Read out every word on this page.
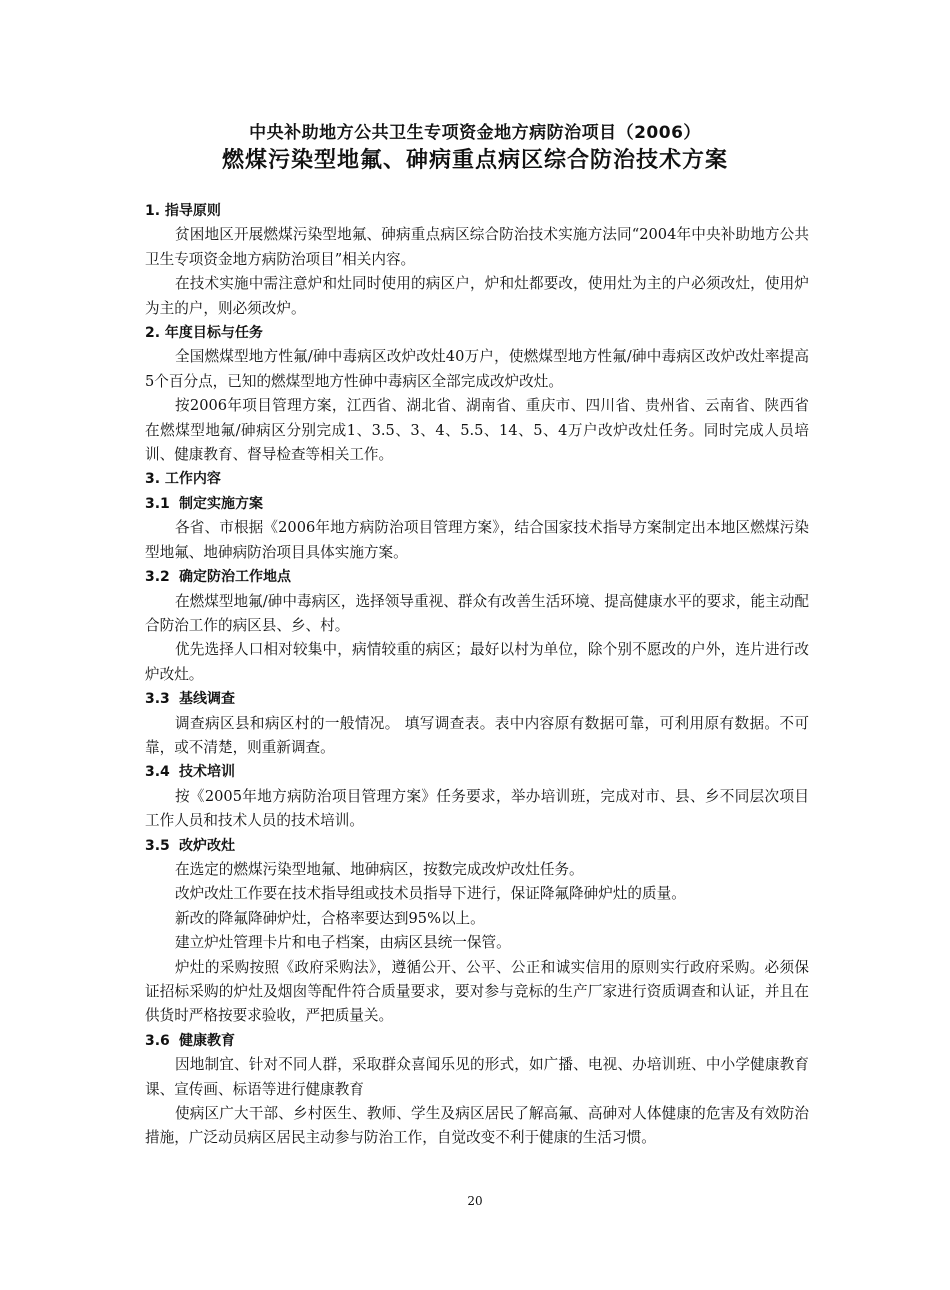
中央补助地方公共卫生专项资金地方病防治项目（2006）
燃煤污染型地氟、砷病重点病区综合防治技术方案
1. 指导原则

贫困地区开展燃煤污染型地氟、砷病重点病区综合防治技术实施方法同“2004年中央补助地方公共卫生专项资金地方病防治项目”相关内容。

在技术实施中需注意炉和灶同时使用的病区户，炉和灶都要改，使用灶为主的户必须改灶，使用炉为主的户，则必须改炉。

2. 年度目标与任务

全国燃煤型地方性氟/砷中毒病区改炉改灶40万户，使燃煤型地方性氟/砷中毒病区改炉改灶率提高5个百分点，已知的燃煤型地方性砷中毒病区全部完成改炉改灶。

按2006年项目管理方案，江西省、湖北省、湖南省、重庆市、四川省、贵州省、云南省、陕西省在燃煤型地氟/砷病区分别完成1、3.5、3、4、5.5、14、5、4万户改炉改灶任务。同时完成人员培训、健康教育、督导检查等相关工作。

3. 工作内容
3.1 制定实施方案

各省、市根据《2006年地方病防治项目管理方案》，结合国家技术指导方案制定出本地区燃煤污染型地氟、地砷病防治项目具体实施方案。

3.2 确定防治工作地点

在燃煤型地氟/砷中毒病区，选择领导重视、群众有改善生活环境、提高健康水平的要求，能主动配合防治工作的病区县、乡、村。

优先选择人口相对较集中，病情较重的病区；最好以村为单位，除个别不愿改的户外，连片进行改炉改灶。

3.3 基线调查

调查病区县和病区村的一般情况。 填写调查表。表中内容原有数据可靠，可利用原有数据。不可靠，或不清楚，则重新调查。

3.4 技术培训

按《2005年地方病防治项目管理方案》任务要求，举办培训班，完成对市、县、乡不同层次项目工作人员和技术人员的技术培训。

3.5 改炉改灶

在选定的燃煤污染型地氟、地砷病区，按数完成改炉改灶任务。

改炉改灶工作要在技术指导组或技术员指导下进行，保证降氟降砷炉灶的质量。

新改的降氟降砷炉灶，合格率要达到95%以上。

建立炉灶管理卡片和电子档案，由病区县统一保管。

炉灶的采购按照《政府采购法》，遵循公开、公平、公正和诚实信用的原则实行政府采购。必须保证招标采购的炉灶及烟囱等配件符合质量要求，要对参与竞标的生产厂家进行资质调查和认证，并且在供货时严格按要求验收，严把质量关。

3.6 健康教育

因地制宜、针对不同人群，采取群众喜闻乐见的形式，如广播、电视、办培训班、中小学健康教育课、宣传画、标语等进行健康教育

使病区广大干部、乡村医生、教师、学生及病区居民了解高氟、高砷对人体健康的危害及有效防治措施，广泛动员病区居民主动参与防治工作，自觉改变不利于健康的生活习惯。

20
